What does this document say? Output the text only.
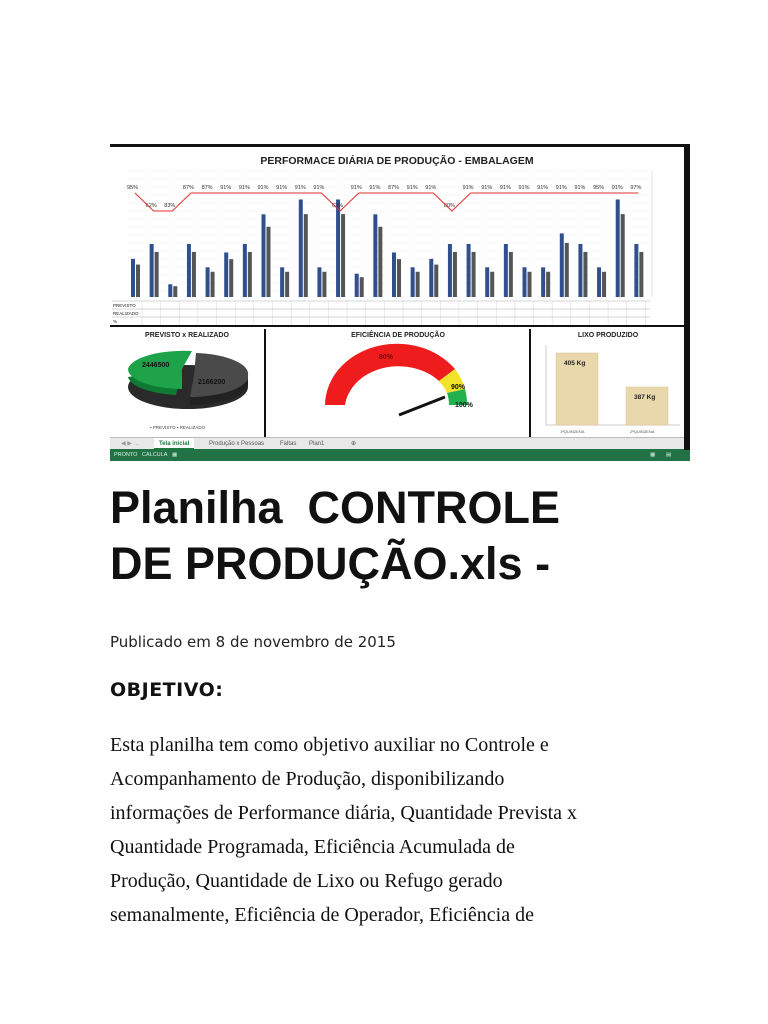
PERFORMACE DIÁRIA DE PRODUÇÃO - EMBALAGEM
95%
62% 83%
87% 87% 91% 91% 91% 91% 91% 91%
62%
91% 91% 87% 91% 91%
80%
91% 91% 91% 91% 91% 91% 91% 95% 91% 97%
PREVISTO
REALIZADO
%
PREVISTO x REALIZADO
2446500
2166200
▪ PREVISTO ▪ REALIZADO
EFICIÊNCIA DE PRODUÇÃO
80%
90%
100%
LIXO PRODUZIDO
405 Kg
387 Kg
1ªQUINZENA	2ªQUINZENA
◀ ▶ …	Tela inicial	Produção x Pessoas	Faltas	Plan1	⊕
PRONTO CALCULA ▦	▦ ▤
Planilha  CONTROLE
DE PRODUÇÃO.xls -
Publicado em 8 de novembro de 2015
OBJETIVO:
Esta planilha tem como objetivo auxiliar no Controle e
Acompanhamento de Produção, disponibilizando
informações de Performance diária, Quantidade Prevista x
Quantidade Programada, Eficiência Acumulada de
Produção, Quantidade de Lixo ou Refugo gerado
semanalmente, Eficiência de Operador, Eficiência de
